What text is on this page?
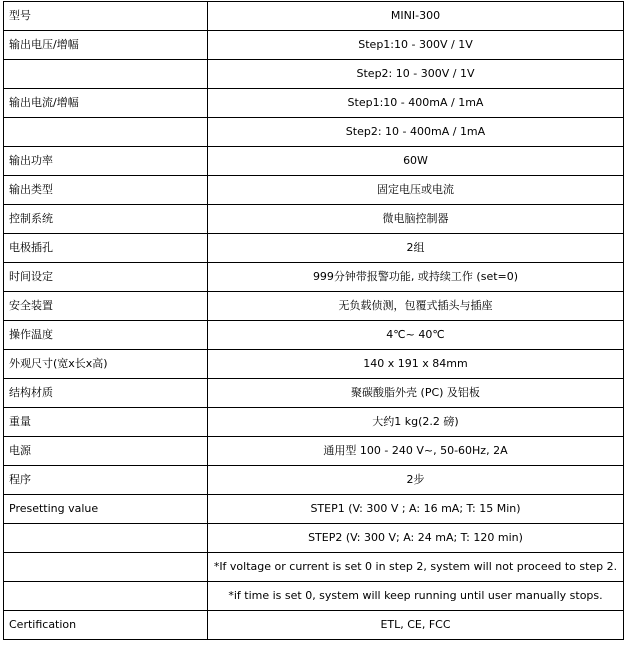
型号	MINI-300
输出电压/增幅	Step1:10 - 300V / 1V
	Step2: 10 - 300V / 1V
输出电流/增幅	Step1:10 - 400mA / 1mA
	Step2: 10 - 400mA / 1mA
输出功率	60W
输出类型	固定电压或电流
控制系统	微电脑控制器
电极插孔	2组
时间设定	999分钟带报警功能, 或持续工作 (set=0)
安全装置	无负载侦测，包覆式插头与插座
操作温度	4℃~ 40℃
外观尺寸(宽x长x高)	140 x 191 x 84mm
结构材质	聚碳酸脂外壳 (PC) 及铝板
重量	大约1 kg(2.2 磅)
电源	通用型 100 - 240 V~, 50-60Hz, 2A
程序	2步
Presetting value	STEP1 (V: 300 V ; A: 16 mA; T: 15 Min)
	STEP2 (V: 300 V; A: 24 mA; T: 120 min)
	*If voltage or current is set 0 in step 2, system will not proceed to step 2.
	*if time is set 0, system will keep running until user manually stops.
Certification	ETL, CE, FCC
